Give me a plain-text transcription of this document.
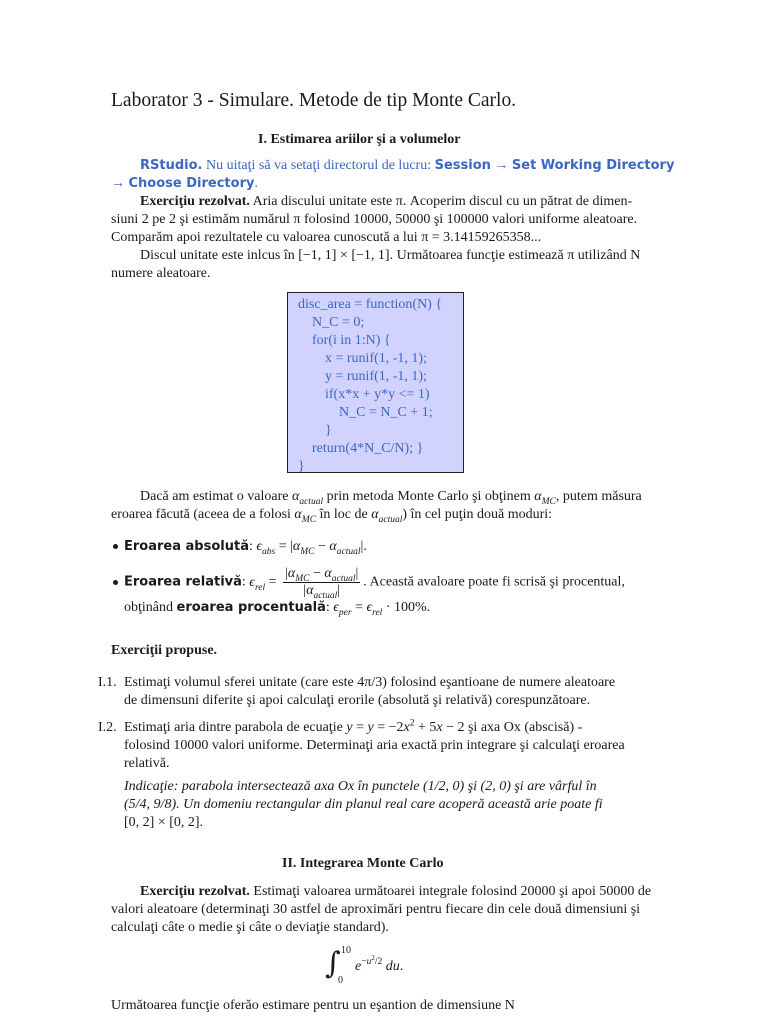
Laborator 3 - Simulare. Metode de tip Monte Carlo.
I. Estimarea ariilor şi a volumelor
RStudio. Nu uitaţi să va setaţi directorul de lucru: Session → Set Working Directory
→ Choose Directory.
Exerciţiu rezolvat. Aria discului unitate este π. Acoperim discul cu un pătrat de dimen-
siuni 2 pe 2 şi estimăm numărul π folosind 10000, 50000 şi 100000 valori uniforme aleatoare.
Comparăm apoi rezultatele cu valoarea cunoscută a lui π = 3.14159265358...
Discul unitate este inlcus în [−1, 1] × [−1, 1]. Următoarea funcţie estimează π utilizând N
numere aleatoare.
disc_area = function(N) {
N_C = 0;
for(i in 1:N) {
x = runif(1, -1, 1);
y = runif(1, -1, 1);
if(x*x + y*y <= 1)
N_C = N_C + 1;
}
return(4*N_C/N); }
}
Dacă am estimat o valoare $\alpha_{actual}$ prin metoda Monte Carlo şi obţinem $\alpha_{MC}$, putem măsura
eroarea făcută (aceea de a folosi $\alpha_{MC}$ în loc de $\alpha_{actual}$) în cel puţin două moduri:
Eroarea absolută: $\epsilon_{abs} = |\alpha_{MC} - \alpha_{actual}|$.
Eroarea relativă: $\epsilon_{rel} = \frac{|\alpha_{MC} - \alpha_{actual}|}{|\alpha_{actual}|}$ . Această avaloare poate fi scrisă şi procentual,
obţinând eroarea procentuală: $\epsilon_{per} = \epsilon_{rel} \cdot 100\%$.
Exerciţii propuse.
I.1. Estimaţi volumul sferei unitate (care este 4π/3) folosind eşantioane de numere aleatoare
de dimensuni diferite şi apoi calculaţi erorile (absolută şi relativă) corespunzătoare.
I.2. Estimaţi aria dintre parabola de ecuaţie $y = y = -2x^2 + 5x - 2$ şi axa Ox (abscisă) -
folosind 10000 valori uniforme. Determinaţi aria exactă prin integrare şi calculaţi eroarea
relativă.
Indicaţie: parabola intersectează axa Ox în punctele (1/2, 0) şi (2, 0) şi are vârful în
(5/4, 9/8). Un domeniu rectangular din planul real care acoperă această arie poate fi
[0, 2] × [0, 2].
II. Integrarea Monte Carlo
Exerciţiu rezolvat. Estimaţi valoarea următoarei integrale folosind 20000 şi apoi 50000 de
valori aleatoare (determinaţi 30 astfel de aproximări pentru fiecare din cele două dimensiuni şi
calculaţi câte o medie şi câte o deviaţie standard).
∫ 10
0
$e^{-u^2/2}$ du.
Următoarea funcţie oferăo estimare pentru un eşantion de dimensiune N
